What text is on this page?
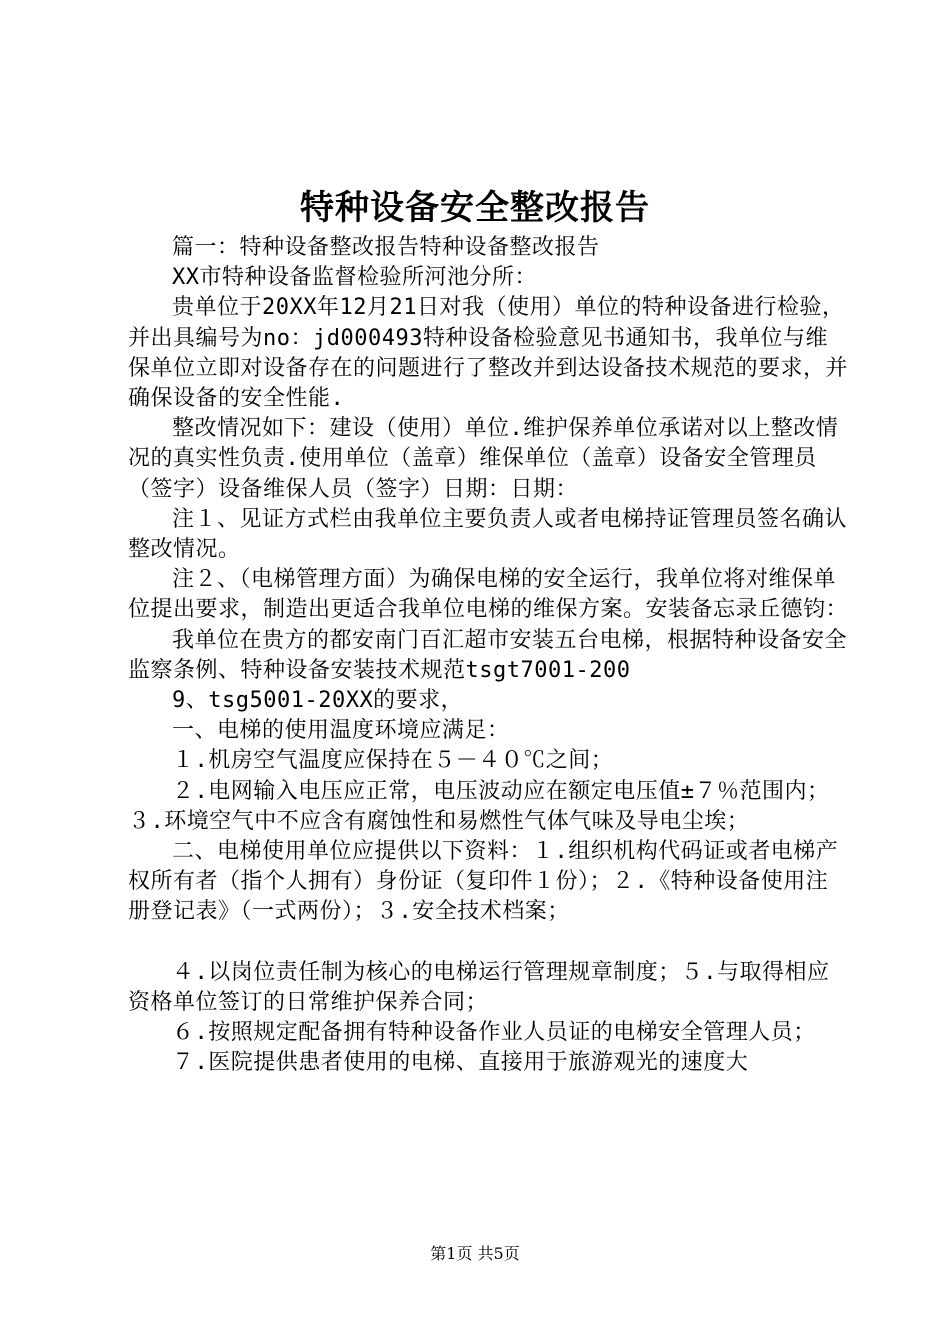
特种设备安全整改报告

篇一：特种设备整改报告特种设备整改报告

XX市特种设备监督检验所河池分所：

贵单位于20XX年12月21日对我（使用）单位的特种设备进行检验，并出具编号为no：jd000493特种设备检验意见书通知书，我单位与维保单位立即对设备存在的问题进行了整改并到达设备技术规范的要求，并确保设备的安全性能.

整改情况如下：建设（使用）单位.维护保养单位承诺对以上整改情况的真实性负责.使用单位（盖章）维保单位（盖章）设备安全管理员（签字）设备维保人员（签字）日期：日期：

注１、见证方式栏由我单位主要负责人或者电梯持证管理员签名确认整改情况。

注２、（电梯管理方面）为确保电梯的安全运行，我单位将对维保单位提出要求，制造出更适合我单位电梯的维保方案。安装备忘录丘德钧：

我单位在贵方的都安南门百汇超市安装五台电梯，根据特种设备安全监察条例、特种设备安装技术规范tsgt7001-200

9、tsg5001-20XX的要求，

一、电梯的使用温度环境应满足：

１.机房空气温度应保持在５－４０℃之间；

２.电网输入电压应正常，电压波动应在额定电压值±７％范围内；３.环境空气中不应含有腐蚀性和易燃性气体气味及导电尘埃；

二、电梯使用单位应提供以下资料：１.组织机构代码证或者电梯产权所有者（指个人拥有）身份证（复印件１份）；２.《特种设备使用注册登记表》（一式两份）；３.安全技术档案；

４.以岗位责任制为核心的电梯运行管理规章制度；５.与取得相应资格单位签订的日常维护保养合同；

６.按照规定配备拥有特种设备作业人员证的电梯安全管理人员；

７.医院提供患者使用的电梯、直接用于旅游观光的速度大

第1页 共5页
